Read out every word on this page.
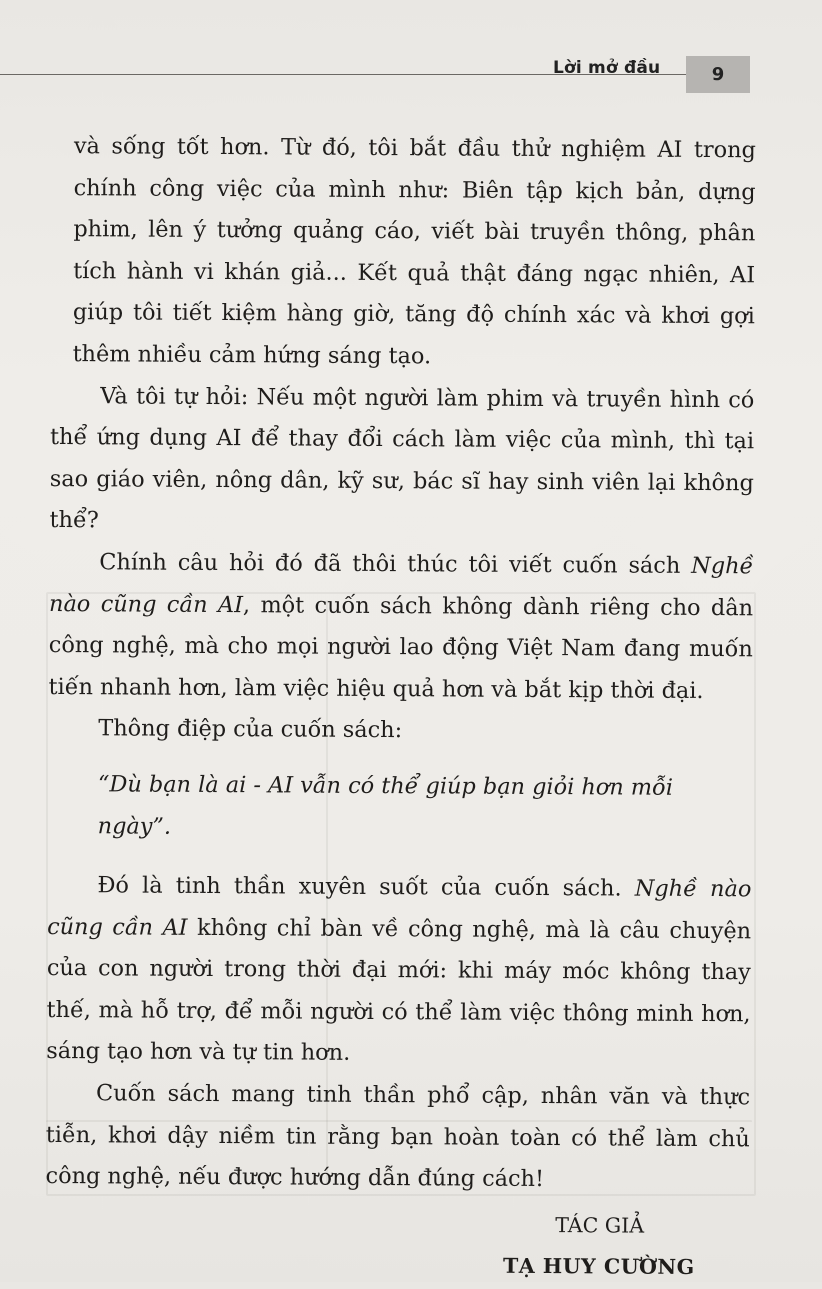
Lời mở đầu	9

và sống tốt hơn. Từ đó, tôi bắt đầu thử nghiệm AI trong chính công việc của mình như: Biên tập kịch bản, dựng phim, lên ý tưởng quảng cáo, viết bài truyền thông, phân tích hành vi khán giả... Kết quả thật đáng ngạc nhiên, AI giúp tôi tiết kiệm hàng giờ, tăng độ chính xác và khơi gợi thêm nhiều cảm hứng sáng tạo.

Và tôi tự hỏi: Nếu một người làm phim và truyền hình có thể ứng dụng AI để thay đổi cách làm việc của mình, thì tại sao giáo viên, nông dân, kỹ sư, bác sĩ hay sinh viên lại không thể?

Chính câu hỏi đó đã thôi thúc tôi viết cuốn sách Nghề nào cũng cần AI, một cuốn sách không dành riêng cho dân công nghệ, mà cho mọi người lao động Việt Nam đang muốn tiến nhanh hơn, làm việc hiệu quả hơn và bắt kịp thời đại.

Thông điệp của cuốn sách:

“Dù bạn là ai - AI vẫn có thể giúp bạn giỏi hơn mỗi ngày”.

Đó là tinh thần xuyên suốt của cuốn sách. Nghề nào cũng cần AI không chỉ bàn về công nghệ, mà là câu chuyện của con người trong thời đại mới: khi máy móc không thay thế, mà hỗ trợ, để mỗi người có thể làm việc thông minh hơn, sáng tạo hơn và tự tin hơn.

Cuốn sách mang tinh thần phổ cập, nhân văn và thực tiễn, khơi dậy niềm tin rằng bạn hoàn toàn có thể làm chủ công nghệ, nếu được hướng dẫn đúng cách!

TÁC GIẢ

TẠ HUY CƯỜNG
